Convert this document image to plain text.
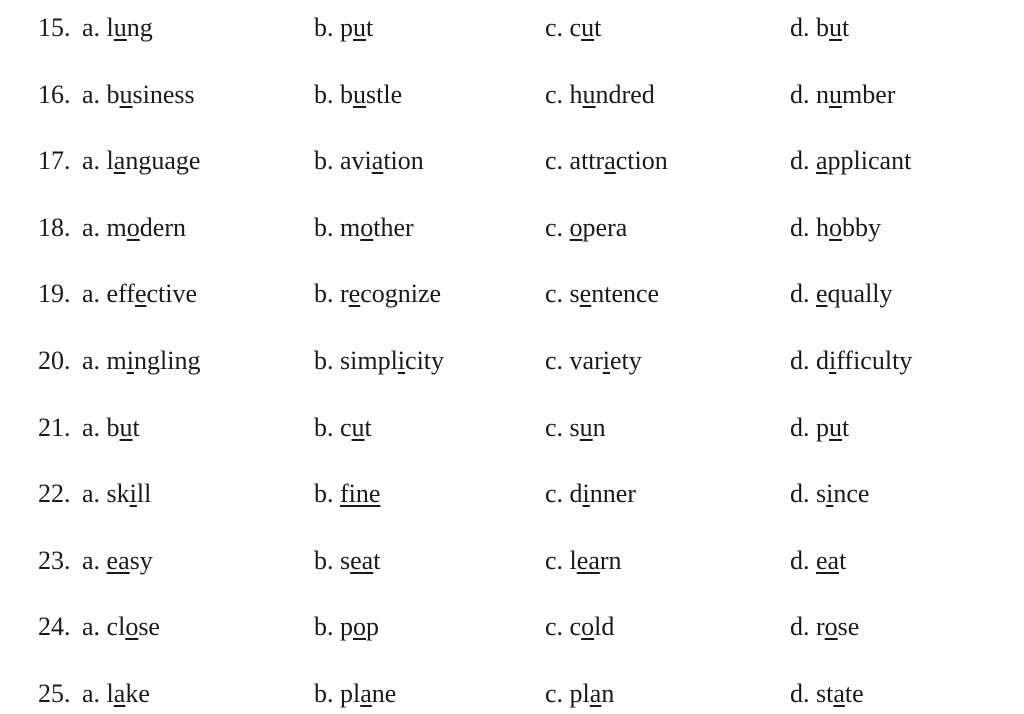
15. a. lung	b. put	c. cut	d. but
16. a. business	b. bustle	c. hundred	d. number
17. a. language	b. aviation	c. attraction	d. applicant
18. a. modern	b. mother	c. opera	d. hobby
19. a. effective	b. recognize	c. sentence	d. equally
20. a. mingling	b. simplicity	c. variety	d. difficulty
21. a. but	b. cut	c. sun	d. put
22. a. skill	b. fine	c. dinner	d. since
23. a. easy	b. seat	c. learn	d. eat
24. a. close	b. pop	c. cold	d. rose
25. a. lake	b. plane	c. plan	d. state
